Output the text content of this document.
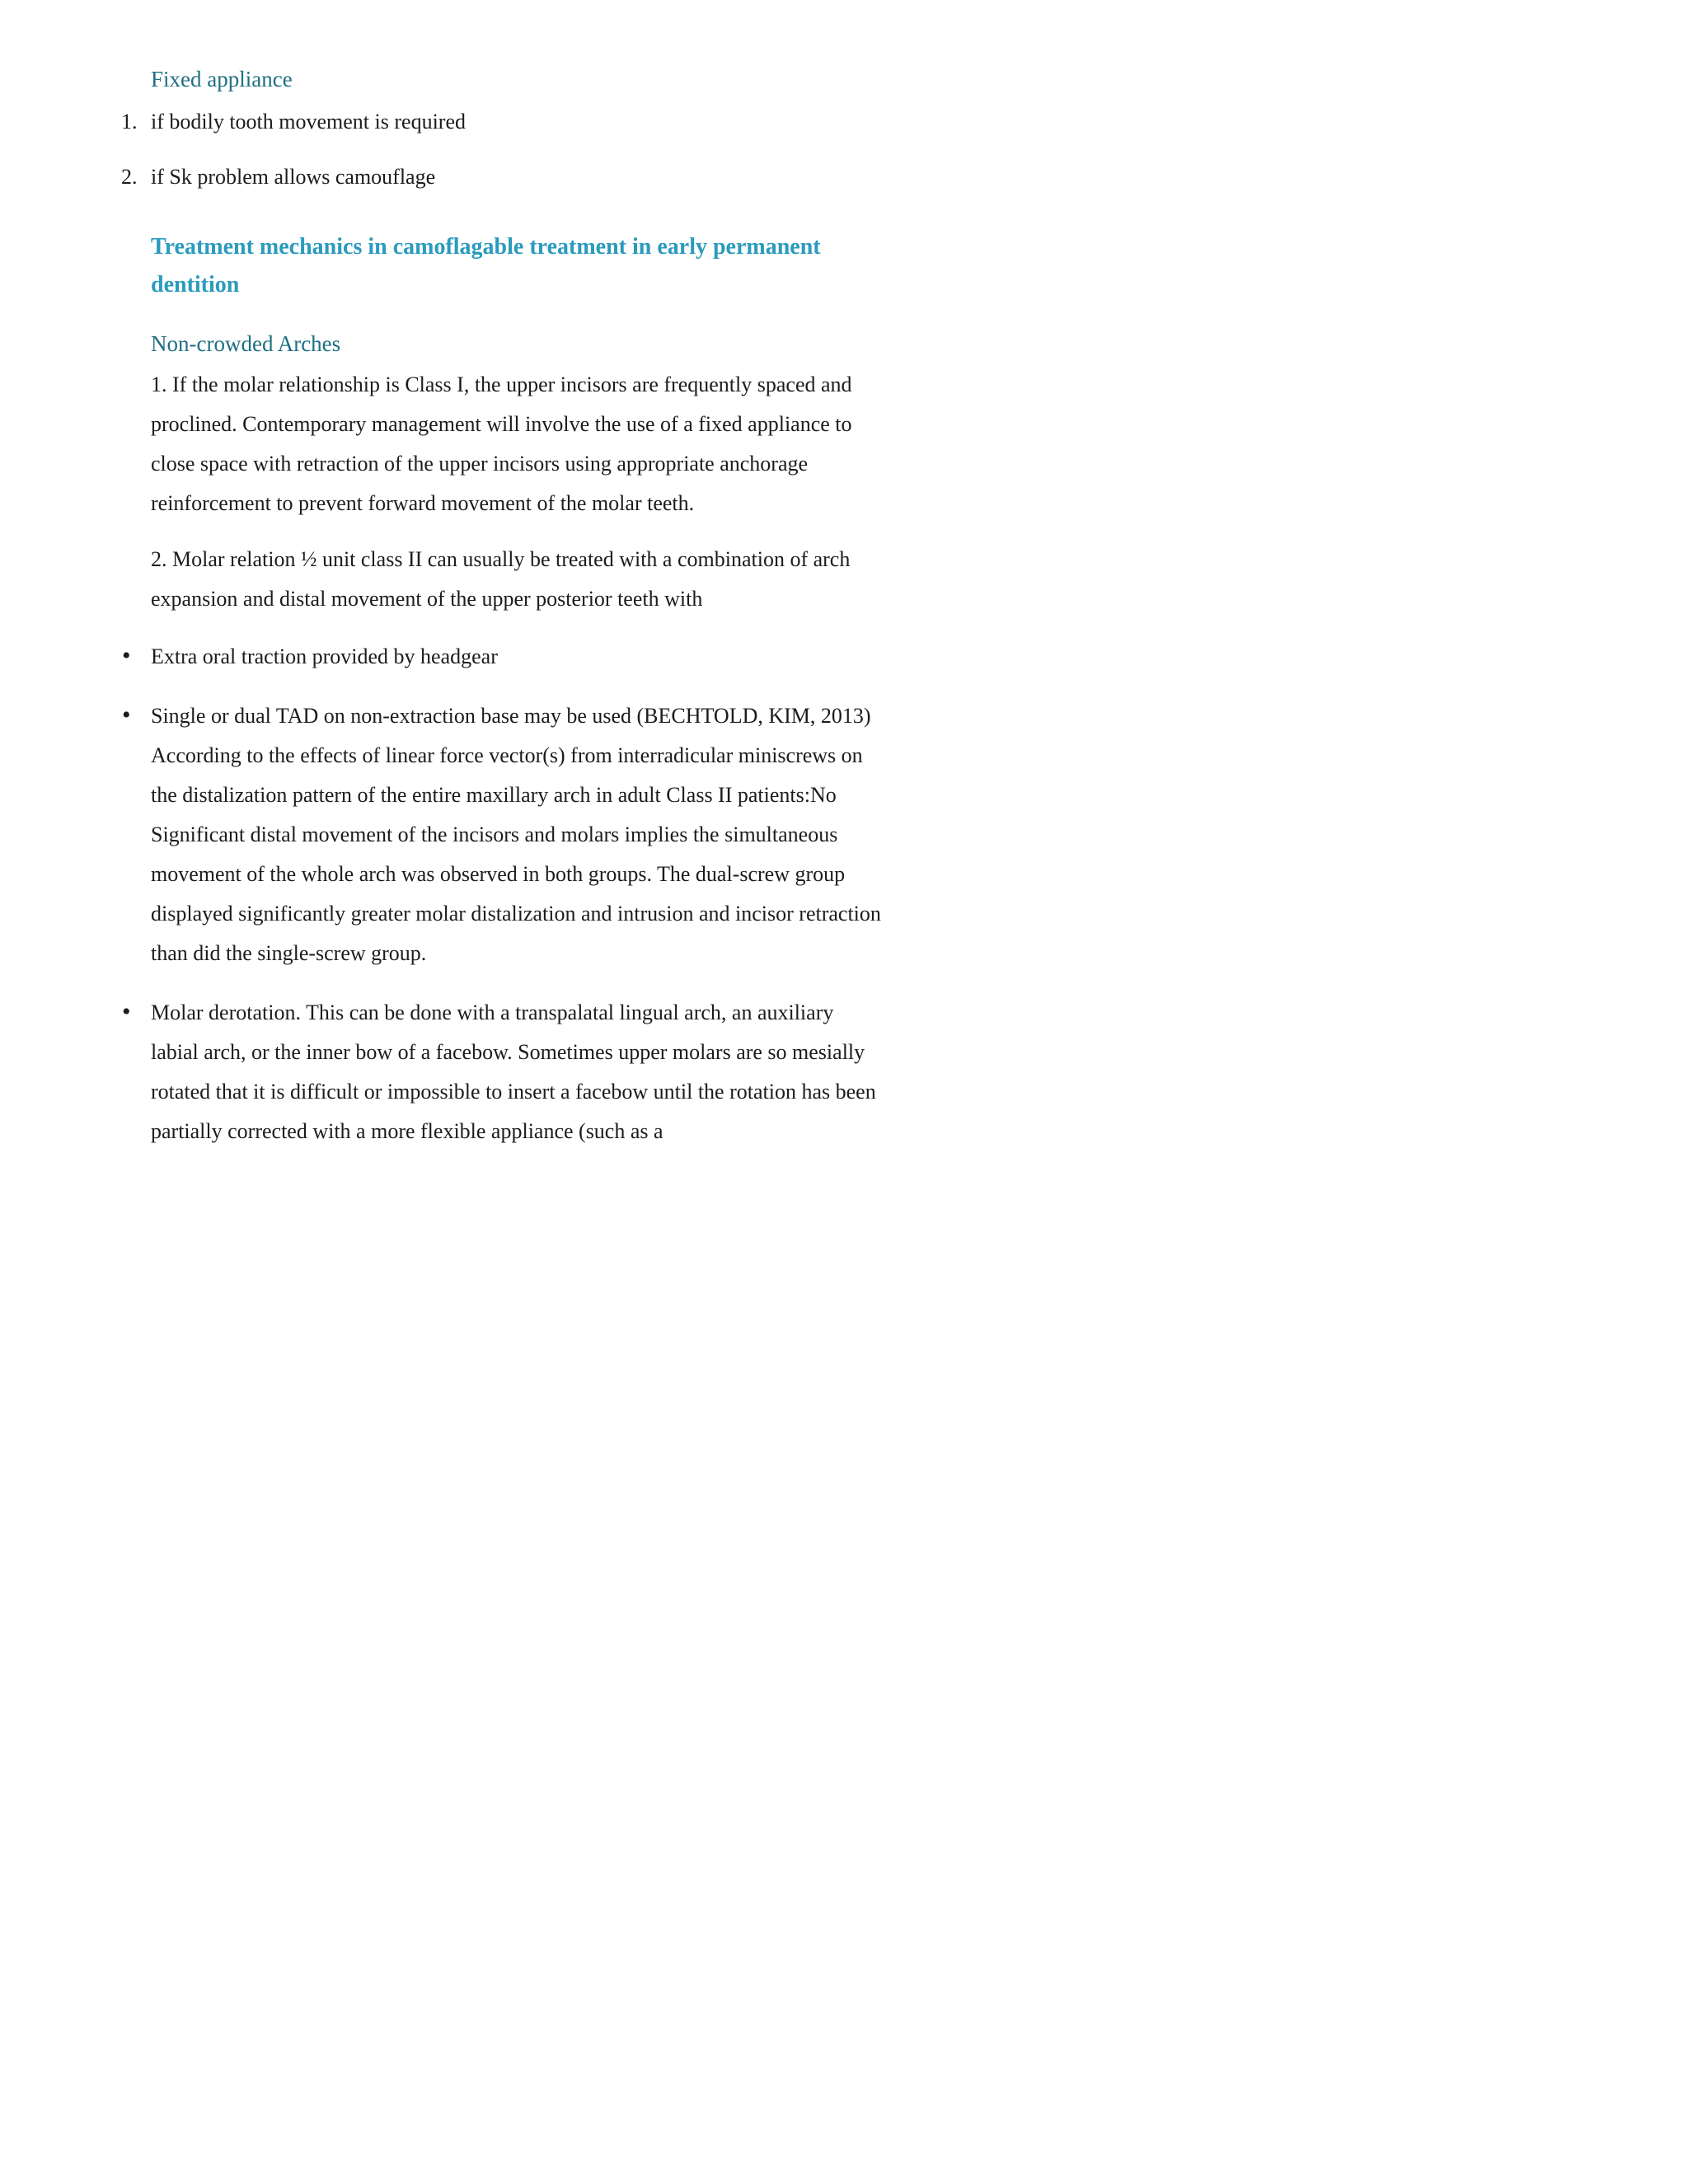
Fixed appliance
if bodily tooth movement is required
if Sk problem allows camouflage
Treatment mechanics in camoflagable treatment in early permanent dentition
Non-crowded Arches

1. If the molar relationship is Class I, the upper incisors are frequently spaced and proclined. Contemporary management will involve the use of a fixed appliance to close space with retraction of the upper incisors using appropriate anchorage reinforcement to prevent forward movement of the molar teeth.

2. Molar relation ½ unit class II can usually be treated with a combination of arch expansion and distal movement of the upper posterior teeth with

• Extra oral traction provided by headgear
• Single or dual TAD on non-extraction base may be used (BECHTOLD, KIM, 2013) According to the effects of linear force vector(s) from interradicular miniscrews on the distalization pattern of the entire maxillary arch in adult Class II patients:No Significant distal movement of the incisors and molars implies the simultaneous movement of the whole arch was observed in both groups. The dual-screw group displayed significantly greater molar distalization and intrusion and incisor retraction than did the single-screw group.
• Molar derotation. This can be done with a transpalatal lingual arch, an auxiliary labial arch, or the inner bow of a facebow. Sometimes upper molars are so mesially rotated that it is difficult or impossible to insert a facebow until the rotation has been partially corrected with a more flexible appliance (such as a
